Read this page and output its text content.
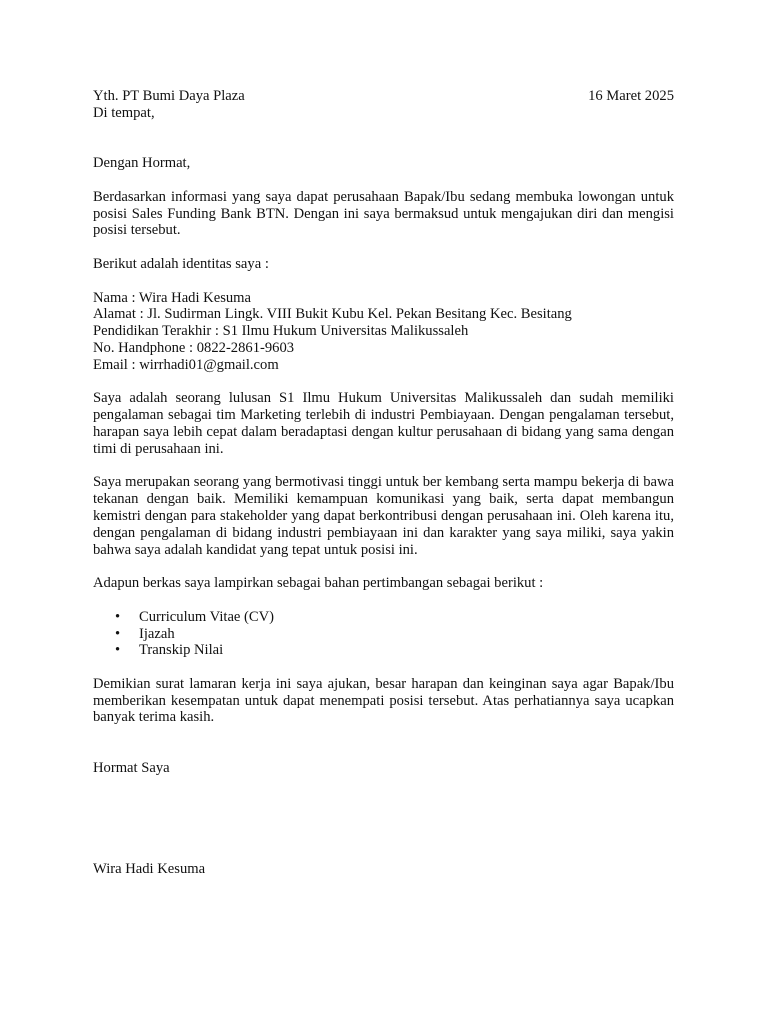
Yth. PT Bumi Daya Plaza	16 Maret 2025

Di tempat,

Dengan Hormat,

Berdasarkan informasi yang saya dapat perusahaan Bapak/Ibu sedang membuka lowongan untuk posisi Sales Funding Bank BTN. Dengan ini saya bermaksud untuk mengajukan diri dan mengisi posisi tersebut.

Berikut adalah identitas saya :

Nama : Wira Hadi Kesuma

Alamat : Jl. Sudirman Lingk. VIII Bukit Kubu Kel. Pekan Besitang Kec. Besitang

Pendidikan Terakhir : S1 Ilmu Hukum Universitas Malikussaleh

No. Handphone : 0822-2861-9603

Email : wirrhadi01@gmail.com

Saya adalah seorang lulusan S1 Ilmu Hukum Universitas Malikussaleh dan sudah memiliki pengalaman sebagai tim Marketing terlebih di industri Pembiayaan. Dengan pengalaman tersebut, harapan saya lebih cepat dalam beradaptasi dengan kultur perusahaan di bidang yang sama dengan timi di perusahaan ini.

Saya merupakan seorang yang bermotivasi tinggi untuk ber kembang serta mampu bekerja di bawa tekanan dengan baik. Memiliki kemampuan komunikasi yang baik, serta dapat membangun kemistri dengan para stakeholder yang dapat berkontribusi dengan perusahaan ini. Oleh karena itu, dengan pengalaman di bidang industri pembiayaan ini dan karakter yang saya miliki, saya yakin bahwa saya adalah kandidat yang tepat untuk posisi ini.

Adapun berkas saya lampirkan sebagai bahan pertimbangan sebagai berikut :

• Curriculum Vitae (CV)
• Ijazah
• Transkip Nilai

Demikian surat lamaran kerja ini saya ajukan, besar harapan dan keinginan saya agar Bapak/Ibu memberikan kesempatan untuk dapat menempati posisi tersebut. Atas perhatiannya saya ucapkan banyak terima kasih.

Hormat Saya

Wira Hadi Kesuma
